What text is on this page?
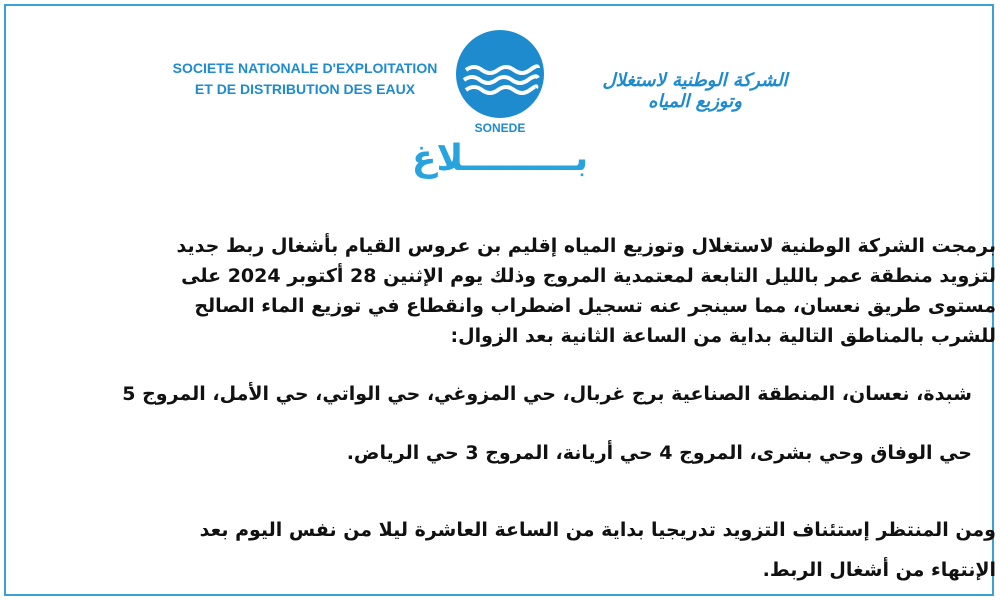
SOCIETE NATIONALE D'EXPLOITATION
ET DE DISTRIBUTION DES EAUX
SONEDE
الشركة الوطنية لاستغلال وتوزيع المياه
بـــــــــلاغ
برمجت الشركة الوطنية لاستغلال وتوزيع المياه إقليم بن عروس القيام بأشغال ربط جديد
لتزويد منطقة عمر بالليل التابعة لمعتمدية المروج وذلك يوم الإثنين 28 أكتوبر 2024 على
مستوى طريق نعسان، مما سينجر عنه تسجيل اضطراب وانقطاع في توزيع الماء الصالح
للشرب بالمناطق التالية بداية من الساعة الثانية بعد الزوال:
شبدة، نعسان، المنطقة الصناعية برج غربال، حي المزوغي، حي الواتي، حي الأمل، المروج 5
حي الوفاق وحي بشرى، المروج 4 حي أريانة، المروج 3 حي الرياض.
ومن المنتظر إستئناف التزويد تدريجيا بداية من الساعة العاشرة ليلا من نفس اليوم بعد
الإنتهاء من أشغال الربط.
